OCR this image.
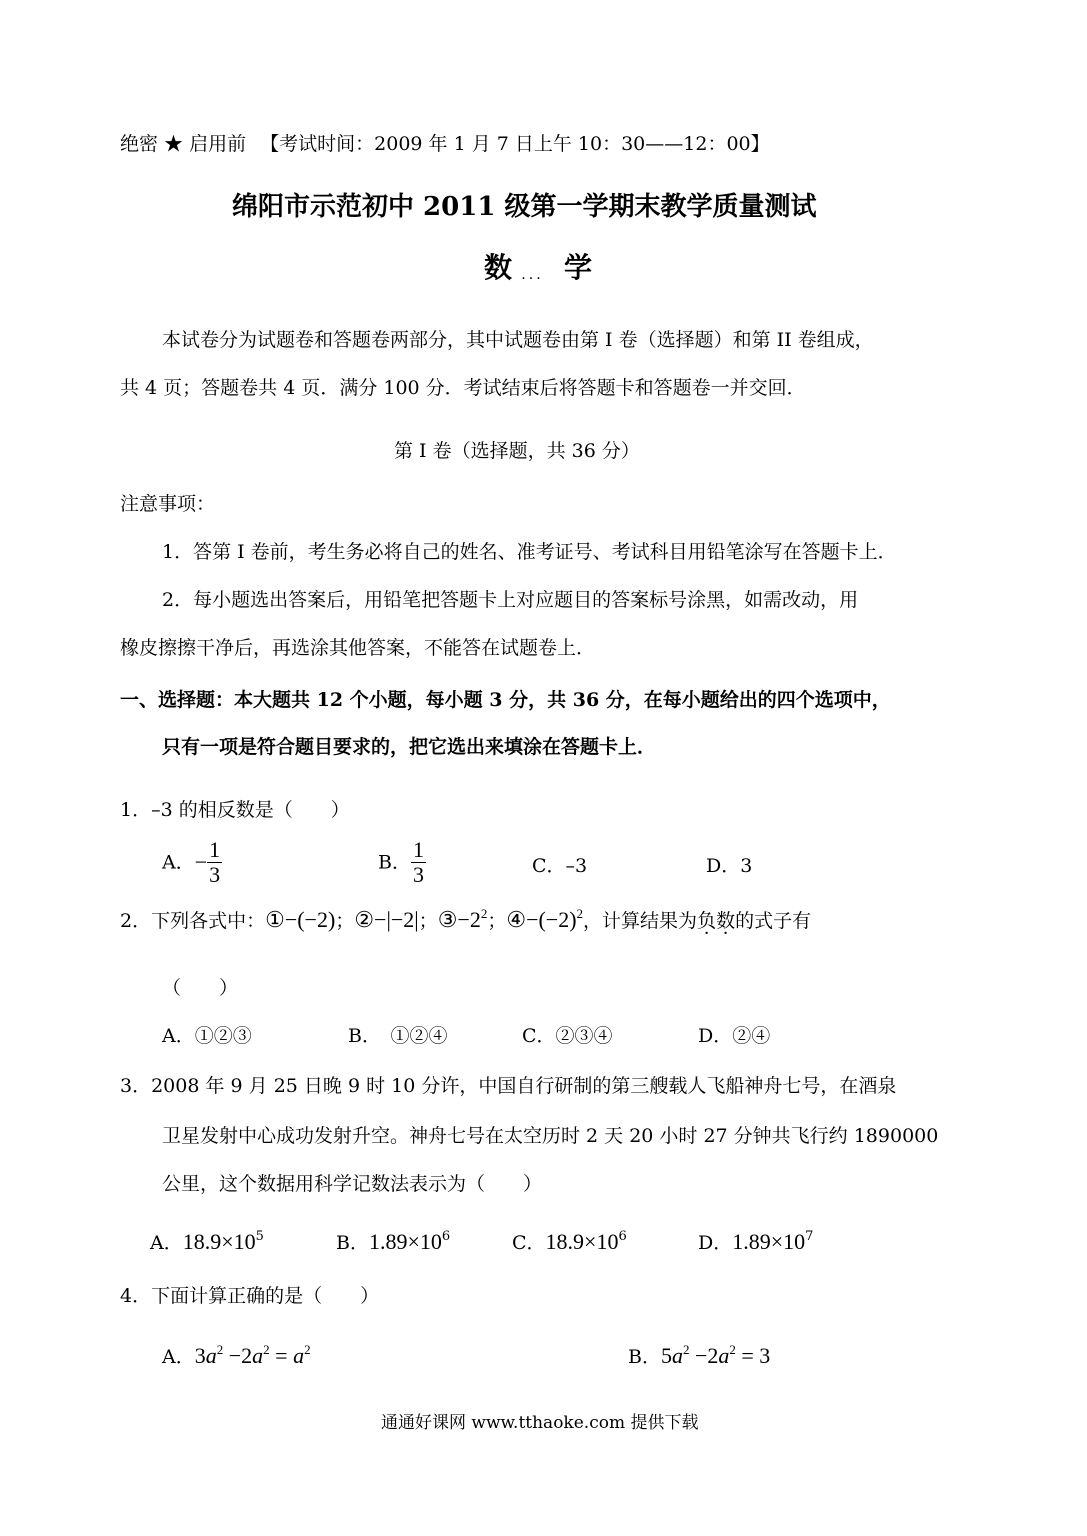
绝密 ★ 启用前 【考试时间：2009 年 1 月 7 日上午 10：30——12：00】
绵阳市示范初中 2011 级第一学期末教学质量测试
数 ... 学
本试卷分为试题卷和答题卷两部分，其中试题卷由第 I 卷（选择题）和第 II 卷组成，
共 4 页；答题卷共 4 页．满分 100 分．考试结束后将答题卡和答题卷一并交回．
第 I 卷（选择题，共 36 分）
注意事项：
1．答第 I 卷前，考生务必将自己的姓名、准考证号、考试科目用铅笔涂写在答题卡上．
2．每小题选出答案后，用铅笔把答题卡上对应题目的答案标号涂黑，如需改动，用
橡皮擦擦干净后，再选涂其他答案，不能答在试题卷上．
一、选择题：本大题共 12 个小题，每小题 3 分，共 36 分，在每小题给出的四个选项中，
只有一项是符合题目要求的，把它选出来填涂在答题卡上．
1．–3 的相反数是（　　）
A．− $\frac{1}{3}$	B． $\frac{1}{3}$	C．–3	D．3
2．下列各式中：①−(−2)；②−|−2|；$③-2^2$；$④-(-2)^2$，计算结果为负数的式子有
（　　）
A．①②③	B．　①②④	C．②③④	D．②④
3．2008 年 9 月 25 日晚 9 时 10 分许，中国自行研制的第三艘载人飞船神舟七号，在酒泉
卫星发射中心成功发射升空。神舟七号在太空历时 2 天 20 小时 27 分钟共飞行约 1890000
公里，这个数据用科学记数法表示为（　　）
A．$18.9\times 10^5$	B．$1.89\times 10^6$	C．$18.9\times 10^6$	D．$1.89\times 10^7$
4．下面计算正确的是（　　）
A．$3a^2 -2a^2 = a^2$	B．$5a^2 -2a^2 = 3$
通通好课网 www.tthaoke.com 提供下载
